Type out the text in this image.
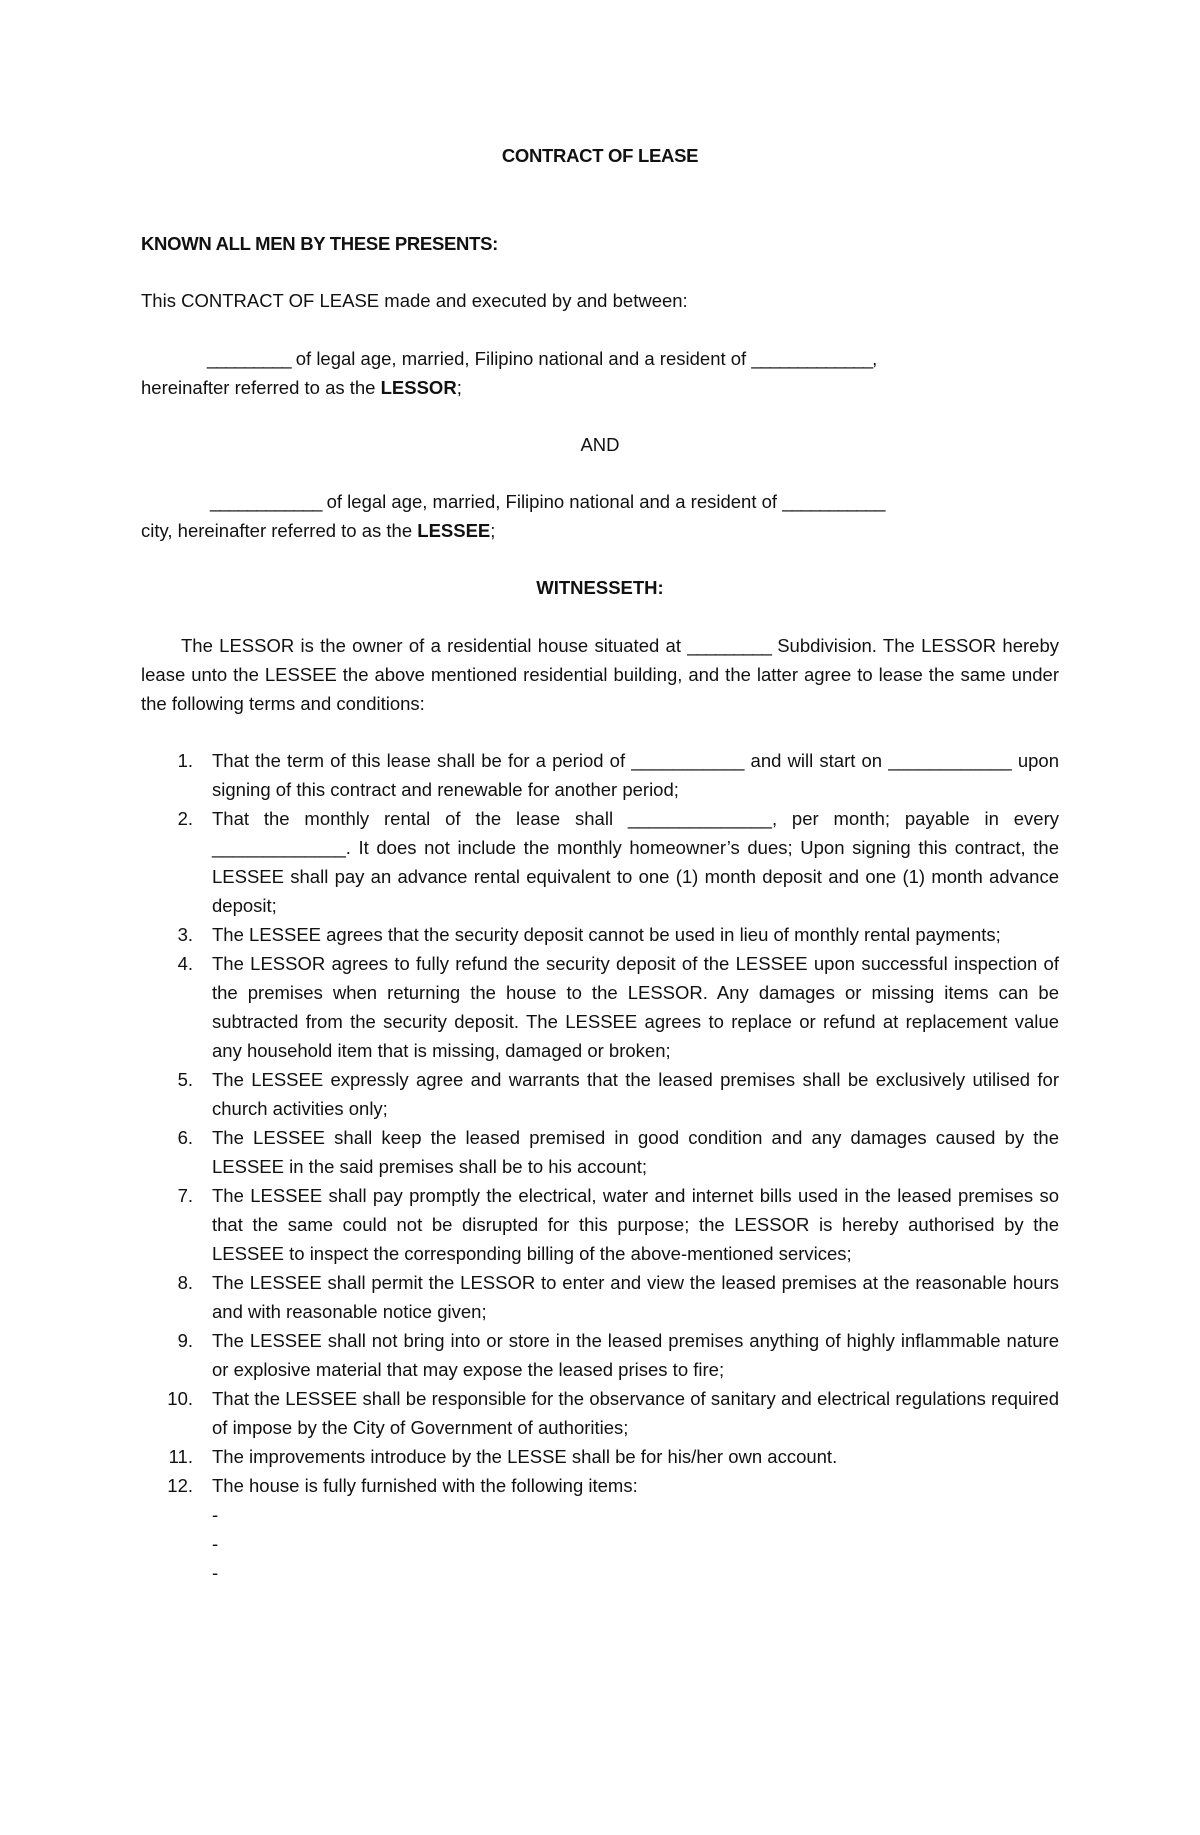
CONTRACT OF LEASE
KNOWN ALL MEN BY THESE PRESENTS:
This CONTRACT OF LEASE made and executed by and between:
_________ of legal age, married, Filipino national and a resident of _____________,
hereinafter referred to as the LESSOR;
AND
____________ of legal age, married, Filipino national and a resident of ___________
city, hereinafter referred to as the LESSEE;
WITNESSETH:
The LESSOR is the owner of a residential house situated at _________ Subdivision. The LESSOR hereby lease unto the LESSEE the above mentioned residential building, and the latter agree to lease the same under the following terms and conditions:
1. That the term of this lease shall be for a period of ___________ and will start on ____________ upon signing of this contract and renewable for another period;
2. That the monthly rental of the lease shall ______________, per month; payable in every _____________. It does not include the monthly homeowner’s dues; Upon signing this contract, the LESSEE shall pay an advance rental equivalent to one (1) month deposit and one (1) month advance deposit;
3. The LESSEE agrees that the security deposit cannot be used in lieu of monthly rental payments;
4. The LESSOR agrees to fully refund the security deposit of the LESSEE upon successful inspection of the premises when returning the house to the LESSOR. Any damages or missing items can be subtracted from the security deposit. The LESSEE agrees to replace or refund at replacement value any household item that is missing, damaged or broken;
5. The LESSEE expressly agree and warrants that the leased premises shall be exclusively utilised for church activities only;
6. The LESSEE shall keep the leased premised in good condition and any damages caused by the LESSEE in the said premises shall be to his account;
7. The LESSEE shall pay promptly the electrical, water and internet bills used in the leased premises so that the same could not be disrupted for this purpose; the LESSOR is hereby authorised by the LESSEE to inspect the corresponding billing of the above-mentioned services;
8. The LESSEE shall permit the LESSOR to enter and view the leased premises at the reasonable hours and with reasonable notice given;
9. The LESSEE shall not bring into or store in the leased premises anything of highly inflammable nature or explosive material that may expose the leased prises to fire;
10. That the LESSEE shall be responsible for the observance of sanitary and electrical regulations required of impose by the City of Government of authorities;
11. The improvements introduce by the LESSE shall be for his/her own account.
12. The house is fully furnished with the following items:
-
-
-
